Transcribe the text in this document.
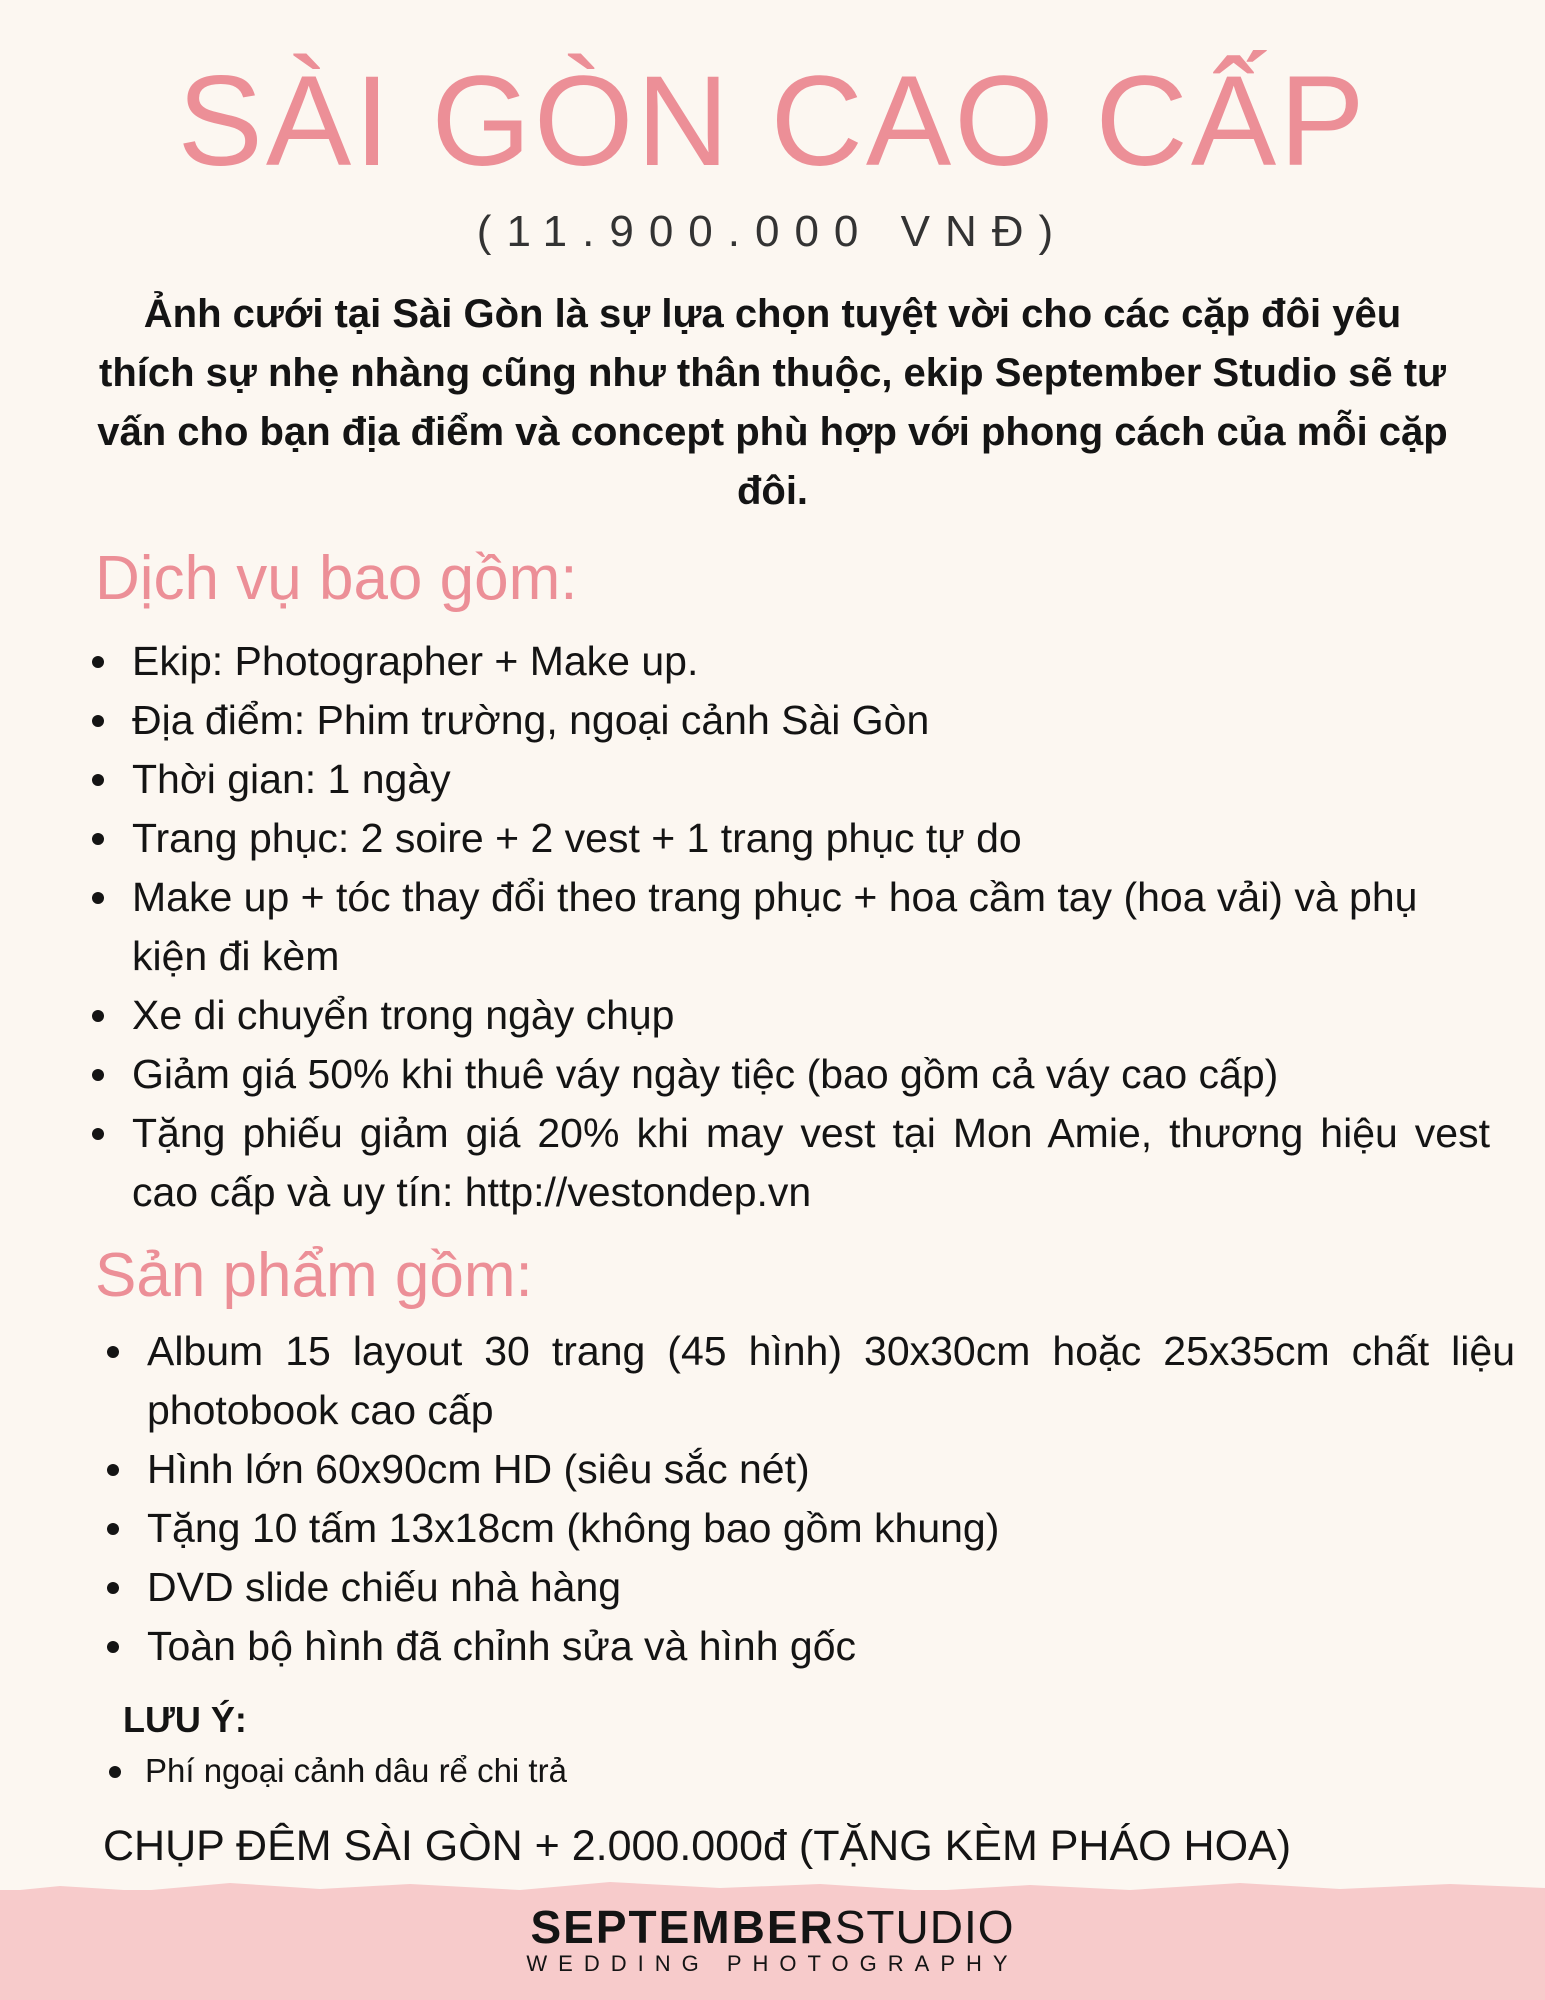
SÀI GÒN CAO CẤP

(11.900.000 VNĐ)

Ảnh cưới tại Sài Gòn là sự lựa chọn tuyệt vời cho các cặp đôi yêu thích sự nhẹ nhàng cũng như thân thuộc, ekip September Studio sẽ tư vấn cho bạn địa điểm và concept phù hợp với phong cách của mỗi cặp đôi.

Dịch vụ bao gồm:
Ekip: Photographer + Make up.
Địa điểm: Phim trường, ngoại cảnh Sài Gòn
Thời gian: 1 ngày
Trang phục: 2 soire + 2 vest + 1 trang phục tự do
Make up + tóc thay đổi theo trang phục + hoa cầm tay (hoa vải) và phụ kiện đi kèm
Xe di chuyển trong ngày chụp
Giảm giá 50% khi thuê váy ngày tiệc (bao gồm cả váy cao cấp)
Tặng phiếu giảm giá 20% khi may vest tại Mon Amie, thương hiệu vest cao cấp và uy tín: http://vestondep.vn
Sản phẩm gồm:
Album 15 layout 30 trang (45 hình) 30x30cm hoặc 25x35cm chất liệu photobook cao cấp
Hình lớn 60x90cm HD (siêu sắc nét)
Tặng 10 tấm 13x18cm (không bao gồm khung)
DVD slide chiếu nhà hàng
Toàn bộ hình đã chỉnh sửa và hình gốc

LƯU Ý:

Phí ngoại cảnh dâu rể chi trả

CHỤP ĐÊM SÀI GÒN + 2.000.000đ (TẶNG KÈM PHÁO HOA)

SEPTEMBERSTUDIO
WEDDING PHOTOGRAPHY
